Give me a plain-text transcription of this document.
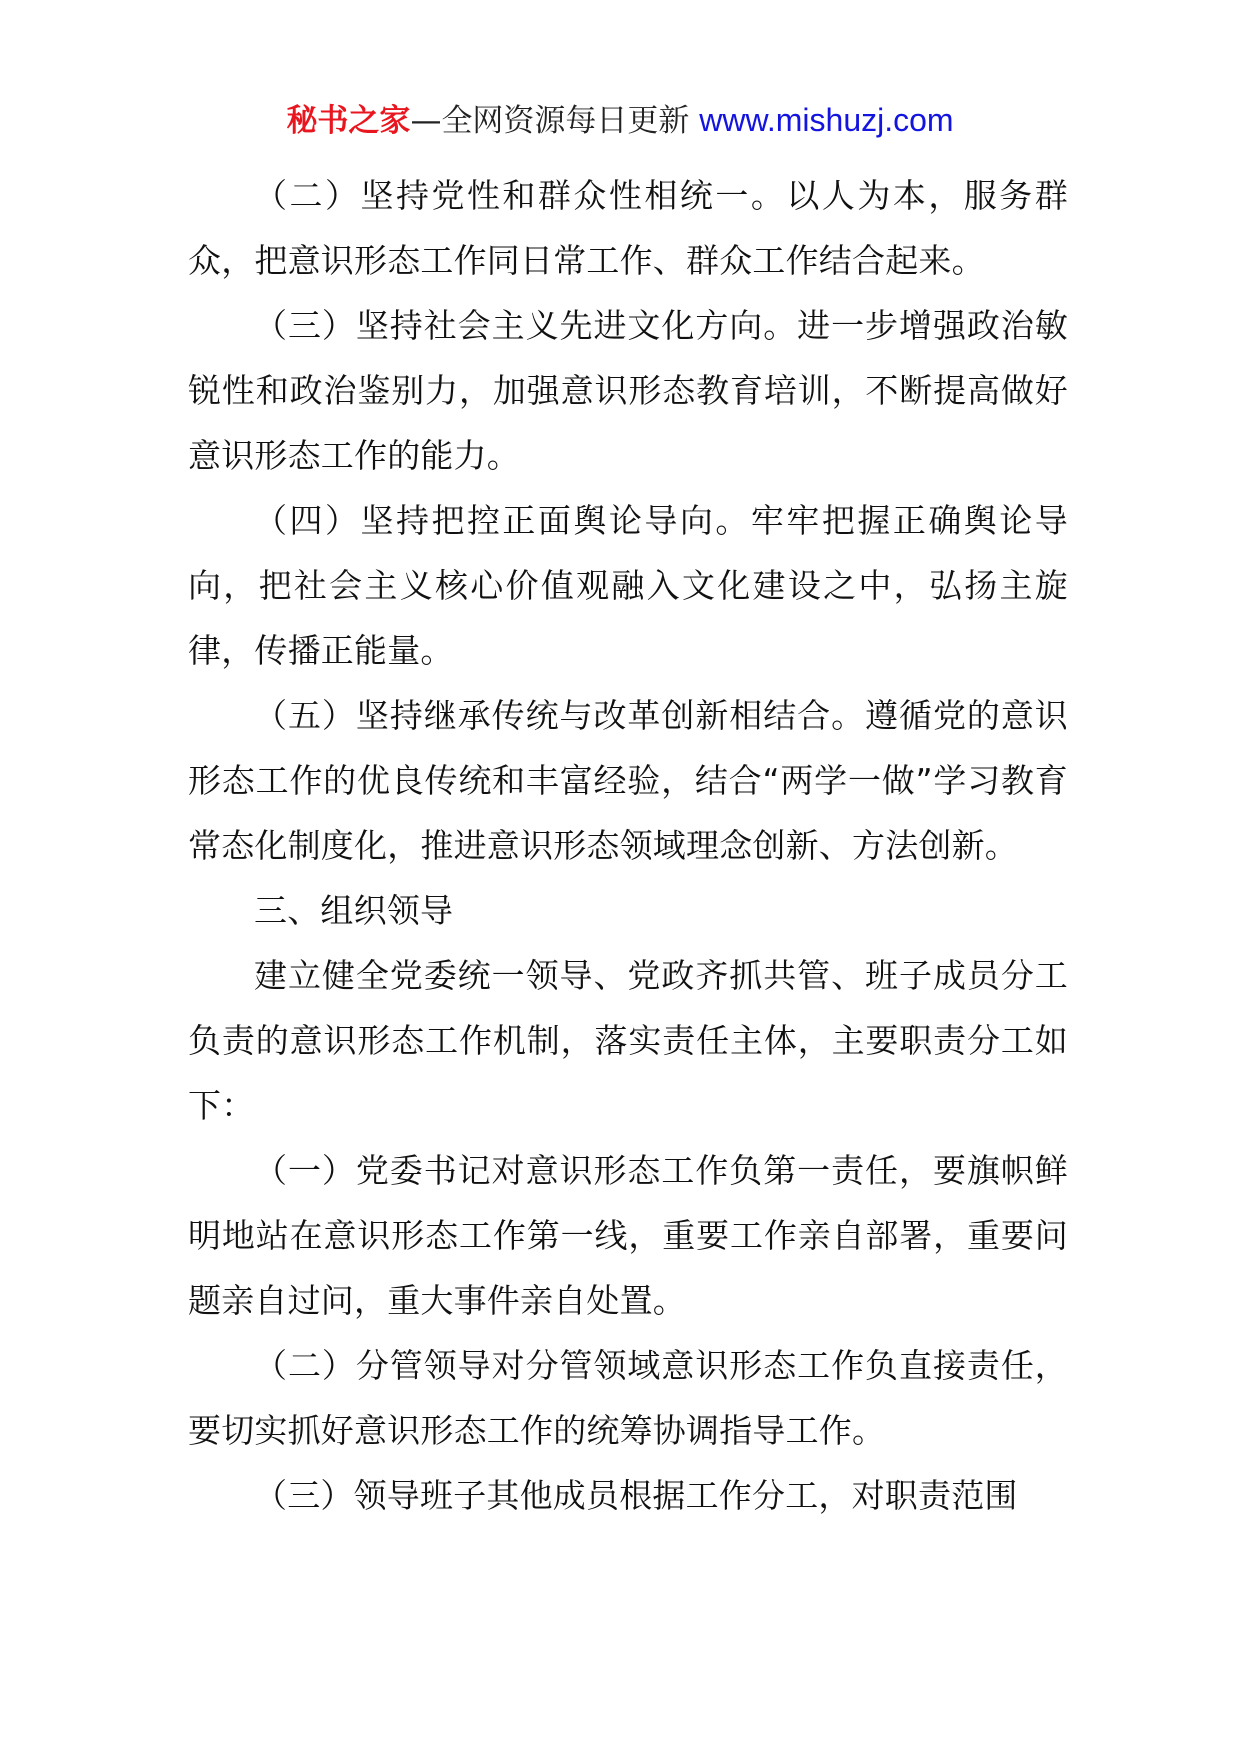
秘书之家—全网资源每日更新 www.mishuzj.com

（二）坚持党性和群众性相统一。以人为本，服务群众，把意识形态工作同日常工作、群众工作结合起来。

（三）坚持社会主义先进文化方向。进一步增强政治敏锐性和政治鉴别力，加强意识形态教育培训，不断提高做好意识形态工作的能力。

（四）坚持把控正面舆论导向。牢牢把握正确舆论导向，把社会主义核心价值观融入文化建设之中，弘扬主旋律，传播正能量。

（五）坚持继承传统与改革创新相结合。遵循党的意识形态工作的优良传统和丰富经验，结合“两学一做”学习教育常态化制度化，推进意识形态领域理念创新、方法创新。

三、组织领导

建立健全党委统一领导、党政齐抓共管、班子成员分工负责的意识形态工作机制，落实责任主体，主要职责分工如下：

（一）党委书记对意识形态工作负第一责任，要旗帜鲜明地站在意识形态工作第一线，重要工作亲自部署，重要问题亲自过问，重大事件亲自处置。

（二）分管领导对分管领域意识形态工作负直接责任，要切实抓好意识形态工作的统筹协调指导工作。

（三）领导班子其他成员根据工作分工，对职责范围
